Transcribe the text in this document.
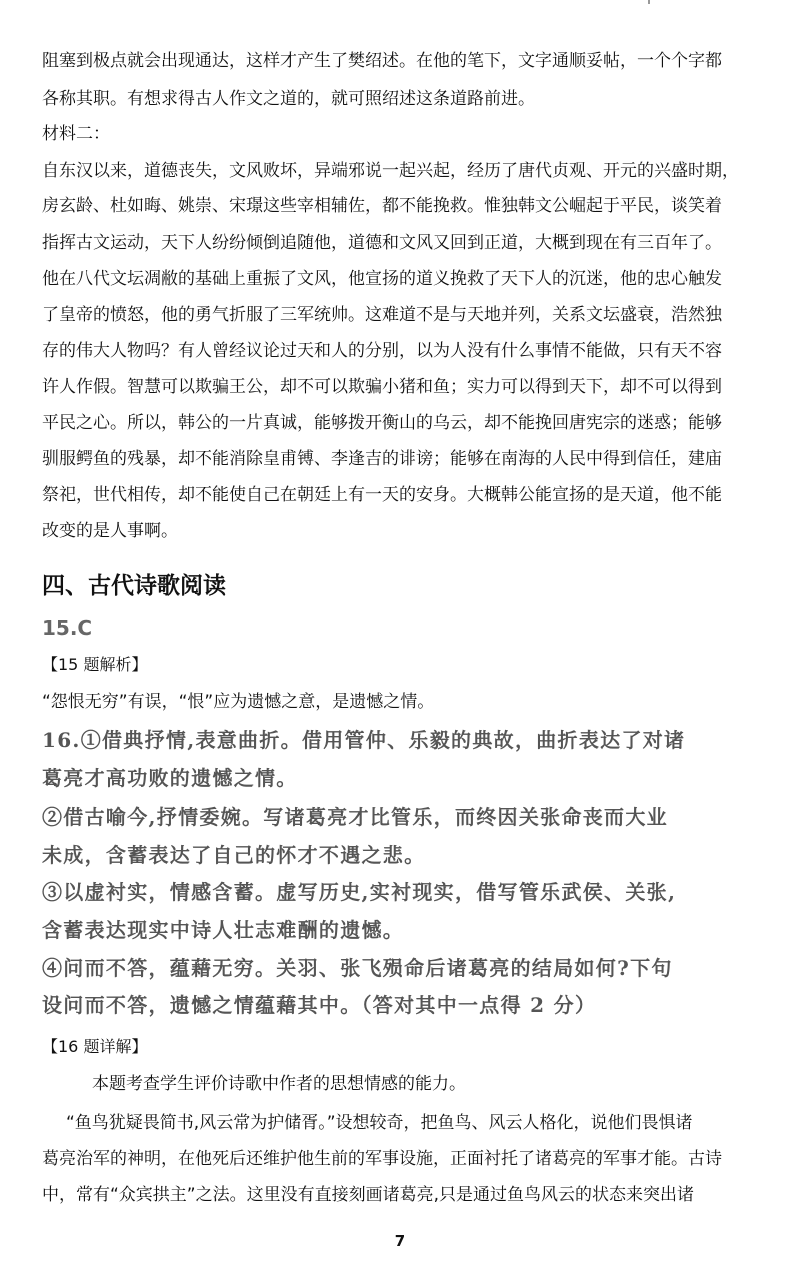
阻塞到极点就会出现通达，这样才产生了樊绍述。在他的笔下，文字通顺妥帖，一个个字都
各称其职。有想求得古人作文之道的，就可照绍述这条道路前进。
材料二：
自东汉以来，道德丧失，文风败坏，异端邪说一起兴起，经历了唐代贞观、开元的兴盛时期，
房玄龄、杜如晦、姚崇、宋璟这些宰相辅佐，都不能挽救。惟独韩文公崛起于平民，谈笑着
指挥古文运动，天下人纷纷倾倒追随他，道德和文风又回到正道，大概到现在有三百年了。
他在八代文坛凋敝的基础上重振了文风，他宣扬的道义挽救了天下人的沉迷，他的忠心触发
了皇帝的愤怒，他的勇气折服了三军统帅。这难道不是与天地并列，关系文坛盛衰，浩然独
存的伟大人物吗？有人曾经议论过天和人的分别，以为人没有什么事情不能做，只有天不容
许人作假。智慧可以欺骗王公，却不可以欺骗小猪和鱼；实力可以得到天下，却不可以得到
平民之心。所以，韩公的一片真诚，能够拨开衡山的乌云，却不能挽回唐宪宗的迷惑；能够
驯服鳄鱼的残暴，却不能消除皇甫镈、李逢吉的诽谤；能够在南海的人民中得到信任，建庙
祭祀，世代相传，却不能使自己在朝廷上有一天的安身。大概韩公能宣扬的是天道，他不能
改变的是人事啊。
四、古代诗歌阅读
15.C
【15 题解析】
“怨恨无穷”有误，“恨”应为遗憾之意，是遗憾之情。
16.①借典抒情,表意曲折。借用管仲、乐毅的典故，曲折表达了对诸
葛亮才高功败的遗憾之情。
②借古喻今,抒情委婉。写诸葛亮才比管乐，而终因关张命丧而大业
未成，含蓄表达了自己的怀才不遇之悲。
③以虚衬实，情感含蓄。虚写历史,实衬现实，借写管乐武侯、关张,
含蓄表达现实中诗人壮志难酬的遗憾。
④问而不答，蕴藉无穷。关羽、张飞殒命后诸葛亮的结局如何?下句
设问而不答，遗憾之情蕴藉其中。（答对其中一点得 2 分）
【16 题详解】
本题考查学生评价诗歌中作者的思想情感的能力。
“鱼鸟犹疑畏简书,风云常为护储胥。”设想较奇，把鱼鸟、风云人格化，说他们畏惧诸
葛亮治军的神明，在他死后还维护他生前的军事设施，正面衬托了诸葛亮的军事才能。古诗
中，常有“众宾拱主”之法。这里没有直接刻画诸葛亮,只是通过鱼鸟风云的状态来突出诸
7
